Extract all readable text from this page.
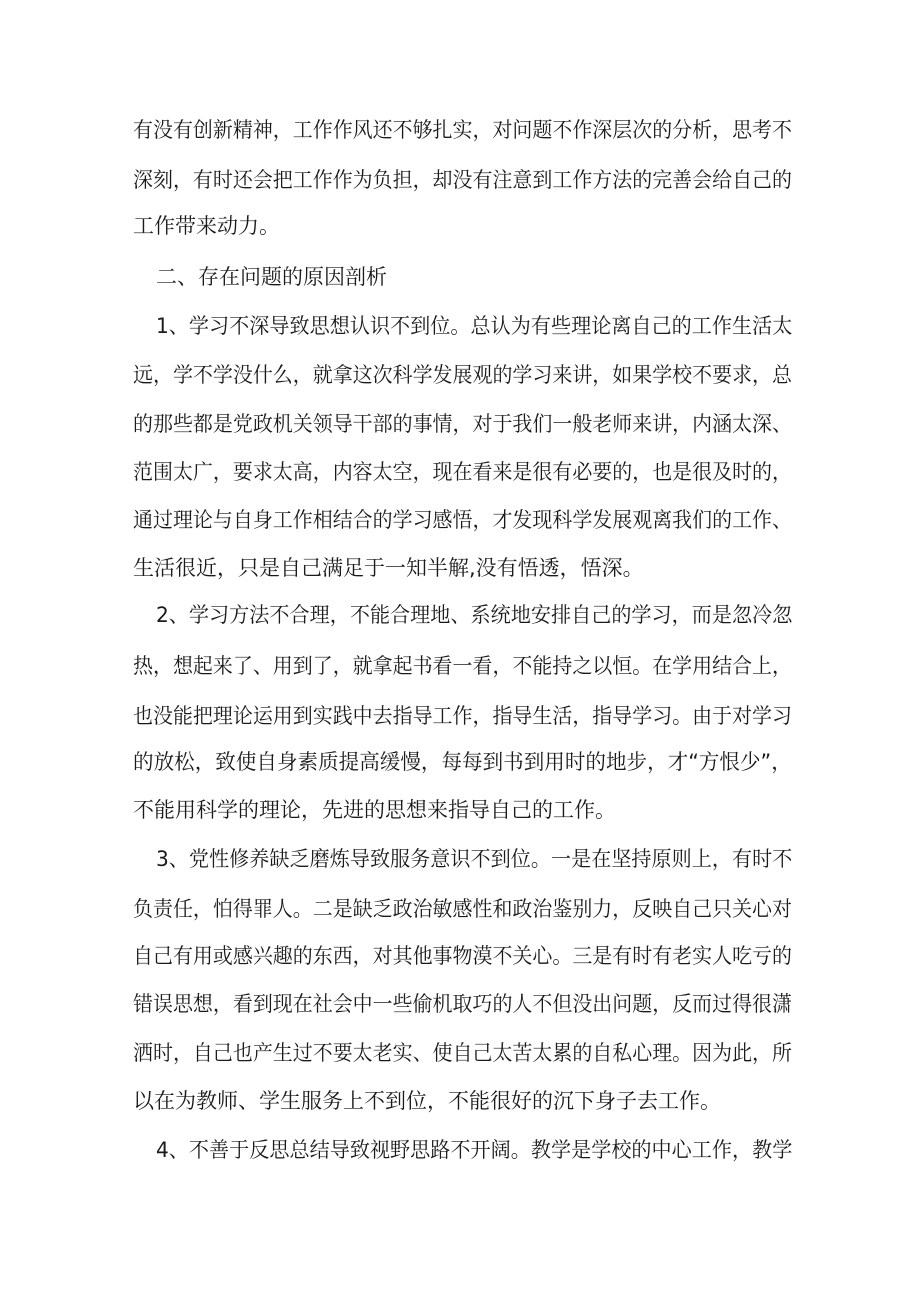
有没有创新精神，工作作风还不够扎实，对问题不作深层次的分析，思考不
深刻，有时还会把工作作为负担，却没有注意到工作方法的完善会给自己的
工作带来动力。
二、存在问题的原因剖析
1、学习不深导致思想认识不到位。总认为有些理论离自己的工作生活太
远，学不学没什么，就拿这次科学发展观的学习来讲，如果学校不要求，总
的那些都是党政机关领导干部的事情，对于我们一般老师来讲，内涵太深、
范围太广，要求太高，内容太空，现在看来是很有必要的，也是很及时的，
通过理论与自身工作相结合的学习感悟，才发现科学发展观离我们的工作、
生活很近，只是自己满足于一知半解,没有悟透，悟深。
2、学习方法不合理，不能合理地、系统地安排自己的学习，而是忽冷忽
热，想起来了、用到了，就拿起书看一看，不能持之以恒。在学用结合上，
也没能把理论运用到实践中去指导工作，指导生活，指导学习。由于对学习
的放松，致使自身素质提高缓慢，每每到书到用时的地步，才“方恨少”，
不能用科学的理论，先进的思想来指导自己的工作。
3、党性修养缺乏磨炼导致服务意识不到位。一是在坚持原则上，有时不
负责任，怕得罪人。二是缺乏政治敏感性和政治鉴别力，反映自己只关心对
自己有用或感兴趣的东西，对其他事物漠不关心。三是有时有老实人吃亏的
错误思想，看到现在社会中一些偷机取巧的人不但没出问题，反而过得很潇
洒时，自己也产生过不要太老实、使自己太苦太累的自私心理。因为此，所
以在为教师、学生服务上不到位，不能很好的沉下身子去工作。
4、不善于反思总结导致视野思路不开阔。教学是学校的中心工作，教学
